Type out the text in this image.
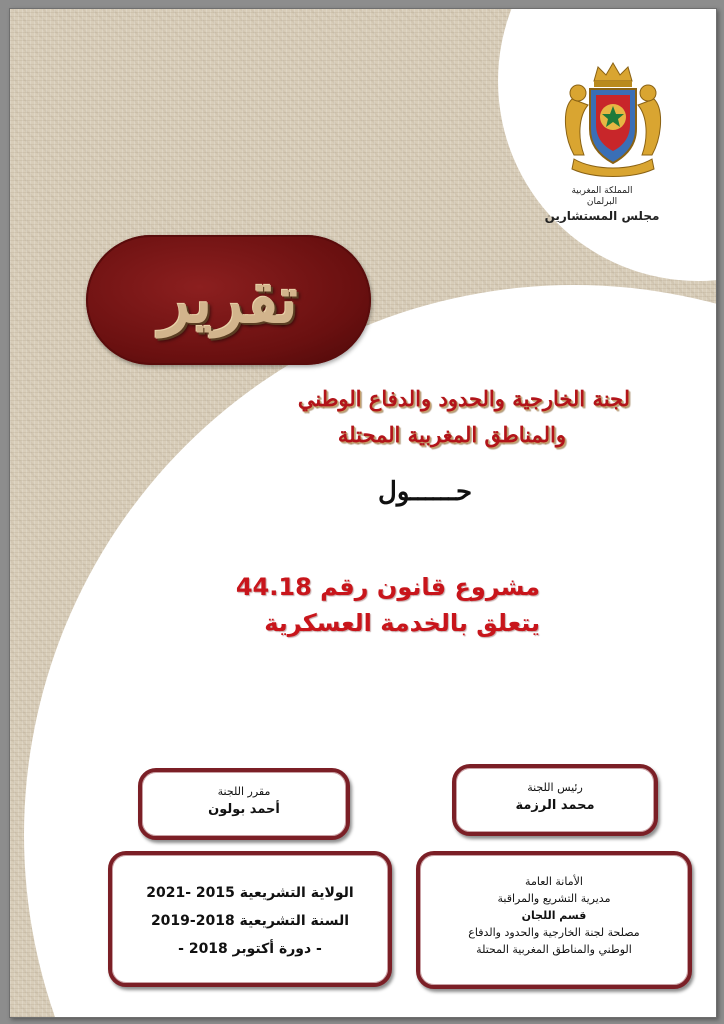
المملكة المغربية
البرلمان
مجلس المستشارين
تقرير
لجنة الخارجية والحدود والدفاع الوطني
والمناطق المغربية المحتلة
حــــــول
مشروع قانون رقم 44.18
يتعلق بالخدمة العسكرية
رئيس اللجنة
محمد الرزمة
مقرر اللجنة
أحمد بولون
الولاية التشريعية 2015 -2021
السنة التشريعية 2018-2019
- دورة أكتوبر 2018 -
الأمانة العامة
مديرية التشريع والمراقبة
قسم اللجان
مصلحة لجنة الخارجية والحدود والدفاع
الوطني والمناطق المغربية المحتلة
